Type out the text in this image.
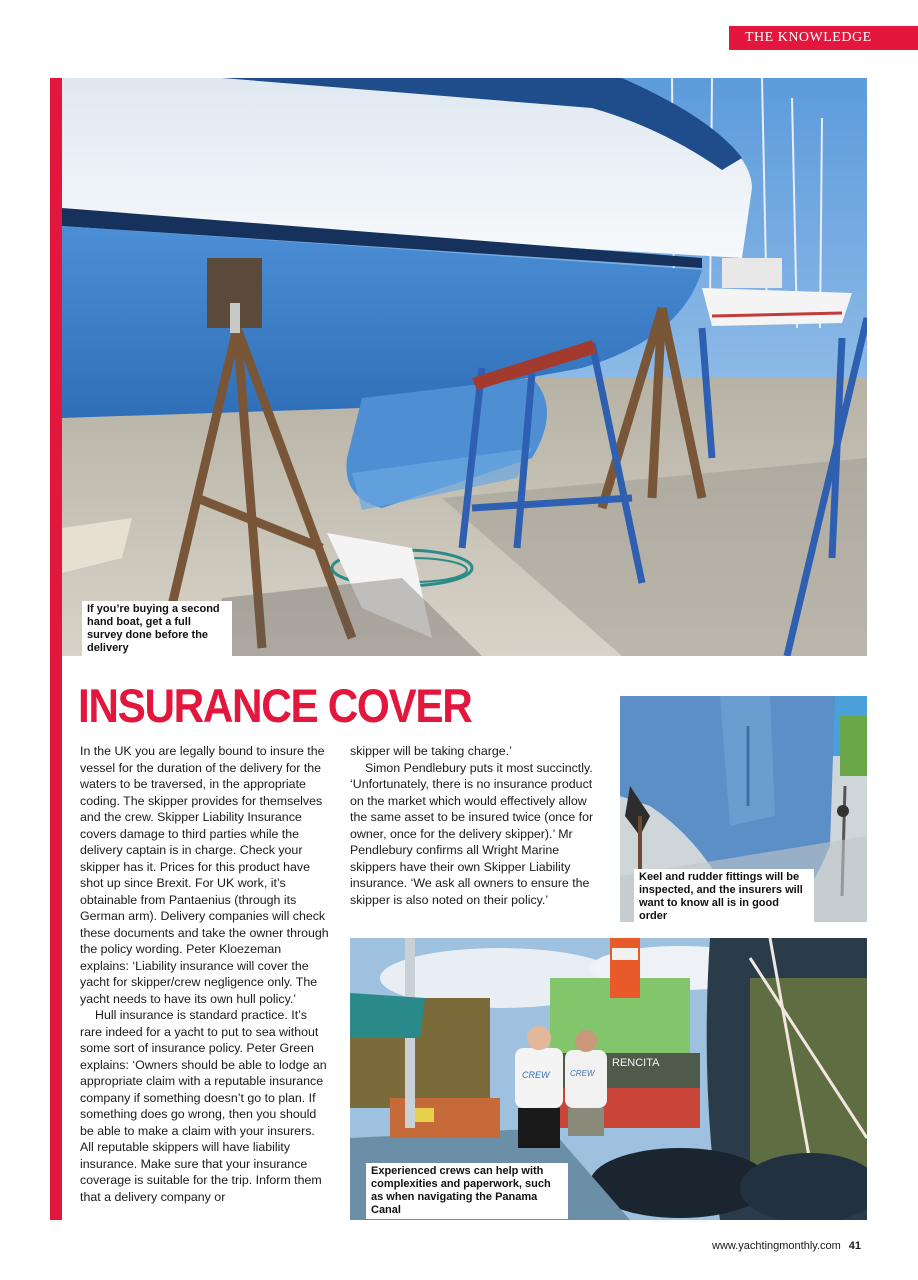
THE KNOWLEDGE
If you’re buying a second hand boat, get a full survey done before the delivery
INSURANCE COVER

In the UK you are legally bound to insure the vessel for the duration of the delivery for the waters to be traversed, in the appropriate coding. The skipper provides for themselves and the crew. Skipper Liability Insurance covers damage to third parties while the delivery captain is in charge. Check your skipper has it. Prices for this product have shot up since Brexit. For UK work, it’s obtainable from Pantaenius (through its German arm). Delivery companies will check these documents and take the owner through the policy wording. Peter Kloezeman explains: ‘Liability insurance will cover the yacht for skipper/crew negligence only. The yacht needs to have its own hull policy.’

Hull insurance is standard practice. It’s rare indeed for a yacht to put to sea without some sort of insurance policy. Peter Green explains: ‘Owners should be able to lodge an appropriate claim with a reputable insurance company if something doesn’t go to plan. If something does go wrong, then you should be able to make a claim with your insurers. All reputable skippers will have liability insurance. Make sure that your insurance coverage is suitable for the trip. Inform them that a delivery company or

skipper will be taking charge.’

Simon Pendlebury puts it most succinctly. ‘Unfortunately, there is no insurance product on the market which would effectively allow the same asset to be insured twice (once for owner, once for the delivery skipper).’ Mr Pendlebury confirms all Wright Marine skippers have their own Skipper Liability insurance. ‘We ask all owners to ensure the skipper is also noted on their policy.’

Keel and rudder fittings will be inspected, and the insurers will want to know all is in good order
RENCITA
CREW	CREW
Experienced crews can help with complexities and paperwork, such as when navigating the Panama Canal
www.yachtingmonthly.com 41
